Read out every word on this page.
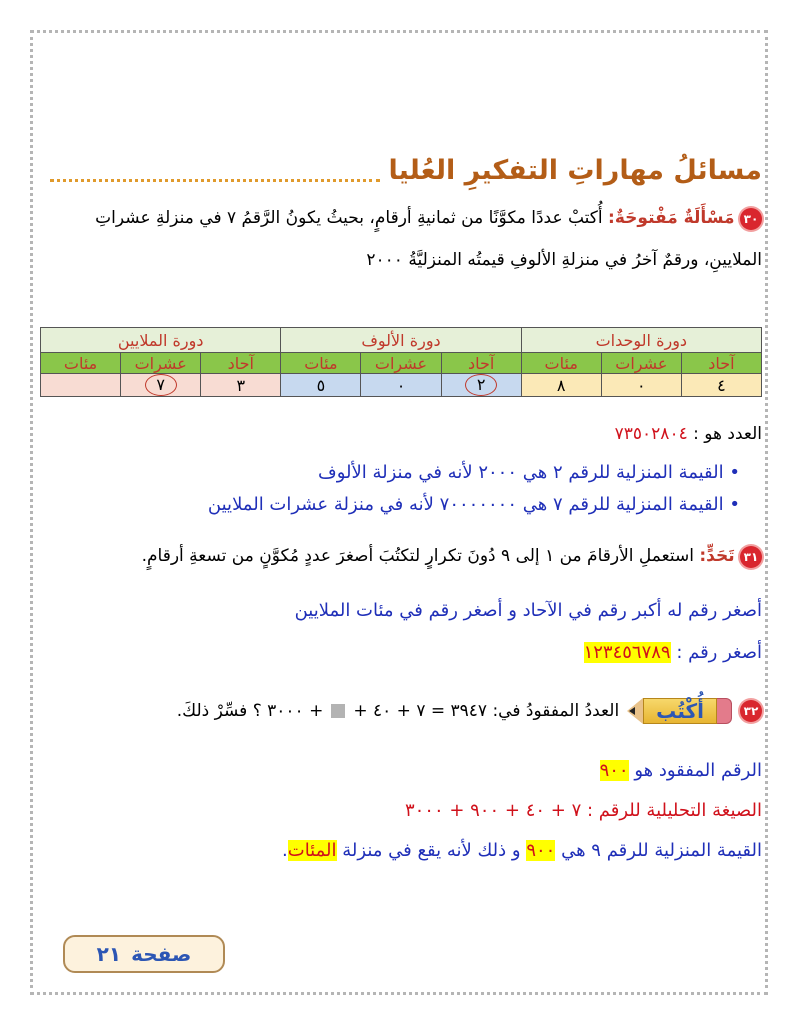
مسائلُ مهاراتِ التفكيرِ العُليا
٣٠ مَسْأَلَةٌ مَفْتوحَةٌ: أُكتبْ عددًا مكوَّنًا من ثمانيةِ أرقامٍ، بحيثُ يكونُ الرَّقمُ ٧ في منزلةِ عشراتِ
الملايينِ، ورقمٌ آخرُ في منزلةِ الألوفِ قيمتُه المنزليَّةُ ٢٠٠٠
دورة الوحدات			دورة الألوف			دورة الملايين		
آحاد	عشرات	مئات	آحاد	عشرات	مئات	آحاد	عشرات	مئات
٤	٠	٨	٢	٠	٥	٣	٧	
العدد هو : ٧٣٥٠٢٨٠٤
• القيمة المنزلية للرقم ٢ هي ٢٠٠٠ لأنه في منزلة الألوف
• القيمة المنزلية للرقم ٧ هي ٧٠٠٠٠٠٠٠ لأنه في منزلة عشرات الملايين
٣١ تَحَدٍّ: استعملِ الأرقامَ من ١ إلى ٩ دُونَ تكرارٍ لتكتُبَ أصغرَ عددٍ مُكوَّنٍ من تسعةِ أرقامٍ.
أصغر رقم له أكبر رقم في الآحاد و أصغر رقم في مئات الملايين
أصغر رقم : ١٢٣٤٥٦٧٨٩
٣٢
أُكْتُب
العددُ المفقودُ في: ٣٩٤٧ = ٧ + ٤٠ +
+ ٣٠٠٠ ؟ فسِّرْ ذلكَ.
الرقم المفقود هو ٩٠٠
الصيغة التحليلية للرقم : ٧ + ٤٠ + ٩٠٠ + ٣٠٠٠
القيمة المنزلية للرقم ٩ هي ٩٠٠ و ذلك لأنه يقع في منزلة المئات.
صفحة
٢١
